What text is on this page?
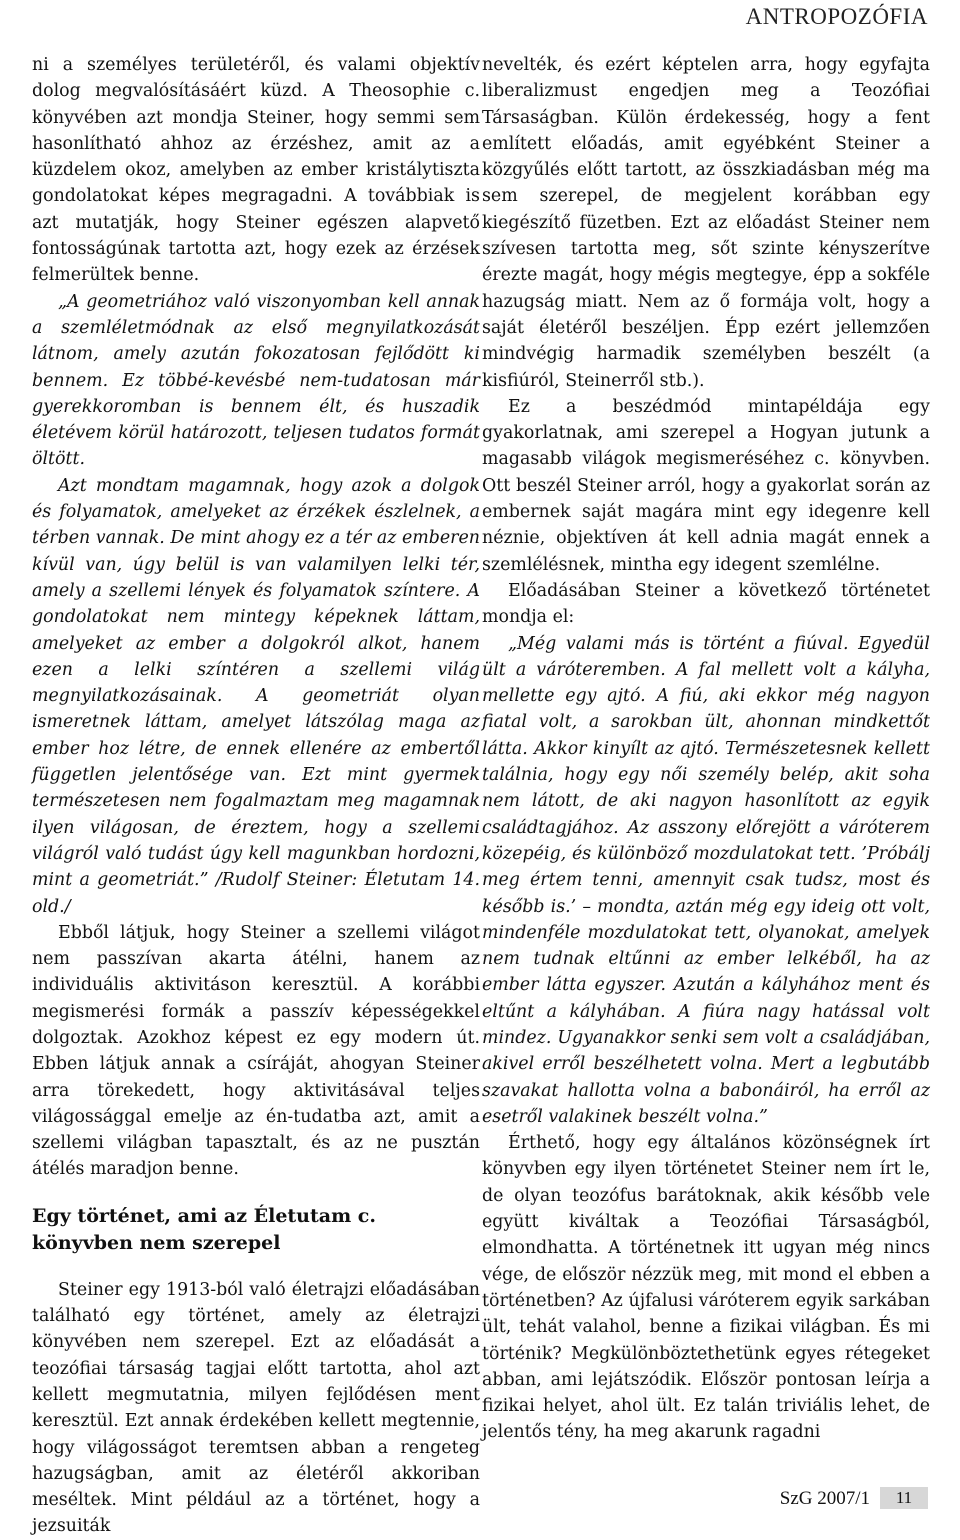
ANTROPOZÓFIA

ni a személyes területéről, és valami objektív dolog megvalósításáért küzd. A Theosophie c. könyvében azt mondja Steiner, hogy semmi sem hasonlítható ahhoz az érzéshez, amit az a küzdelem okoz, amelyben az ember kristálytiszta gondolatokat képes megragadni. A továbbiak is azt mutatják, hogy Steiner egészen alapvető fontosságúnak tartotta azt, hogy ezek az érzések felmerültek benne.

„A geometriához való viszonyomban kell annak a szemléletmódnak az első megnyilatkozását látnom, amely azután fokozatosan fejlődött ki bennem. Ez többé-kevésbé nem-tudatosan már gyerekkoromban is bennem élt, és huszadik életévem körül határozott, teljesen tudatos formát öltött.

Azt mondtam magamnak, hogy azok a dolgok és folyamatok, amelyeket az érzékek észlelnek, a térben vannak. De mint ahogy ez a tér az emberen kívül van, úgy belül is van valamilyen lelki tér, amely a szellemi lények és folyamatok színtere. A gondolatokat nem mintegy képeknek láttam, amelyeket az ember a dolgokról alkot, hanem ezen a lelki színtéren a szellemi világ megnyilatkozásainak. A geometriát olyan ismeretnek láttam, amelyet látszólag maga az ember hoz létre, de ennek ellenére az embertől független jelentősége van. Ezt mint gyermek természetesen nem fogalmaztam meg magamnak ilyen világosan, de éreztem, hogy a szellemi világról való tudást úgy kell magunkban hordozni, mint a geometriát.” /Rudolf Steiner: Életutam 14. old./

Ebből látjuk, hogy Steiner a szellemi világot nem passzívan akarta átélni, hanem az individuális aktivitáson keresztül. A korábbi megismerési formák a passzív képességekkel dolgoztak. Azokhoz képest ez egy modern út. Ebben látjuk annak a csíráját, ahogyan Steiner arra törekedett, hogy aktivitásával teljes világossággal emelje az én-tudatba azt, amit a szellemi világban tapasztalt, és az ne pusztán átélés maradjon benne.

Egy történet, ami az Életutam c. könyvben nem szerepel

Steiner egy 1913-ból való életrajzi előadásában található egy történet, amely az életrajzi könyvében nem szerepel. Ezt az előadását a teozófiai társaság tagjai előtt tartotta, ahol azt kellett megmutatnia, milyen fejlődésen ment keresztül. Ezt annak érdekében kellett megtennie, hogy világosságot teremtsen abban a rengeteg hazugságban, amit az életéről akkoriban meséltek. Mint például az a történet, hogy a jezsuiták

nevelték, és ezért képtelen arra, hogy egyfajta liberalizmust engedjen meg a Teozófiai Társaságban. Külön érdekesség, hogy a fent említett előadás, amit egyébként Steiner a közgyűlés előtt tartott, az összkiadásban még ma sem szerepel, de megjelent korábban egy kiegészítő füzetben. Ezt az előadást Steiner nem szívesen tartotta meg, sőt szinte kényszerítve érezte magát, hogy mégis megtegye, épp a sokféle hazugság miatt. Nem az ő formája volt, hogy a saját életéről beszéljen. Épp ezért jellemzően mindvégig harmadik személyben beszélt (a kisfiúról, Steinerről stb.).

Ez a beszédmód mintapéldája egy gyakorlatnak, ami szerepel a Hogyan jutunk a magasabb világok megismeréséhez c. könyvben. Ott beszél Steiner arról, hogy a gyakorlat során az embernek saját magára mint egy idegenre kell néznie, objektíven át kell adnia magát ennek a szemlélésnek, mintha egy idegent szemlélne.

Előadásában Steiner a következő történetet mondja el:

„Még valami más is történt a fiúval. Egyedül ült a váróteremben. A fal mellett volt a kályha, mellette egy ajtó. A fiú, aki ekkor még nagyon fiatal volt, a sarokban ült, ahonnan mindkettőt látta. Akkor kinyílt az ajtó. Természetesnek kellett találnia, hogy egy női személy belép, akit soha nem látott, de aki nagyon hasonlított az egyik családtagjához. Az asszony előrejött a váróterem közepéig, és különböző mozdulatokat tett. ’Próbálj meg értem tenni, amennyit csak tudsz, most és később is.’ – mondta, aztán még egy ideig ott volt, mindenféle mozdulatokat tett, olyanokat, amelyek nem tudnak eltűnni az ember lelkéből, ha az ember látta egyszer. Azután a kályhához ment és eltűnt a kályhában. A fiúra nagy hatással volt mindez. Ugyanakkor senki sem volt a családjában, akivel erről beszélhetett volna. Mert a legbutább szavakat hallotta volna a babonáiról, ha erről az esetről valakinek beszélt volna.”

Érthető, hogy egy általános közönségnek írt könyvben egy ilyen történetet Steiner nem írt le, de olyan teozófus barátoknak, akik később vele együtt kiváltak a Teozófiai Társaságból, elmondhatta. A történetnek itt ugyan még nincs vége, de először nézzük meg, mit mond el ebben a történetben? Az újfalusi váróterem egyik sarkában ült, tehát valahol, benne a fizikai világban. És mi történik? Megkülönböztethetünk egyes rétegeket abban, ami lejátszódik. Először pontosan leírja a fizikai helyet, ahol ült. Ez talán triviális lehet, de jelentős tény, ha meg akarunk ragadni

SzG 2007/1	11
